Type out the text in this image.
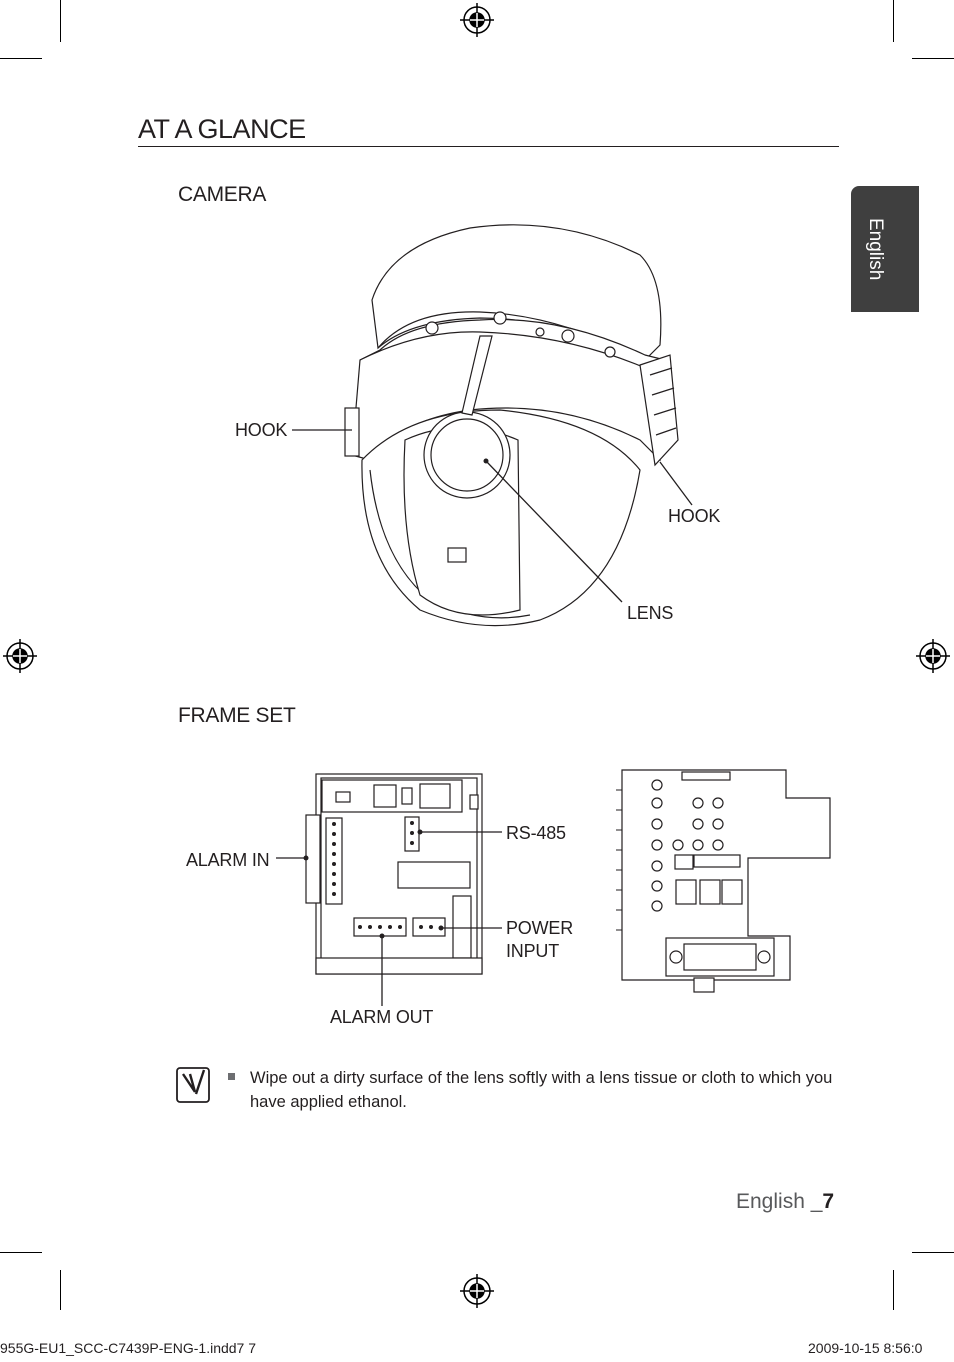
AT A GLANCE
English
CAMERA
HOOK
HOOK
LENS
FRAME SET
ALARM IN
RS-485
POWER
INPUT
ALARM OUT
Wipe out a dirty surface of the lens softly with a lens tissue or cloth to which you have applied ethanol.
English _7
955G-EU1_SCC-C7439P-ENG-1.indd7 7	2009-10-15 8:56:0
